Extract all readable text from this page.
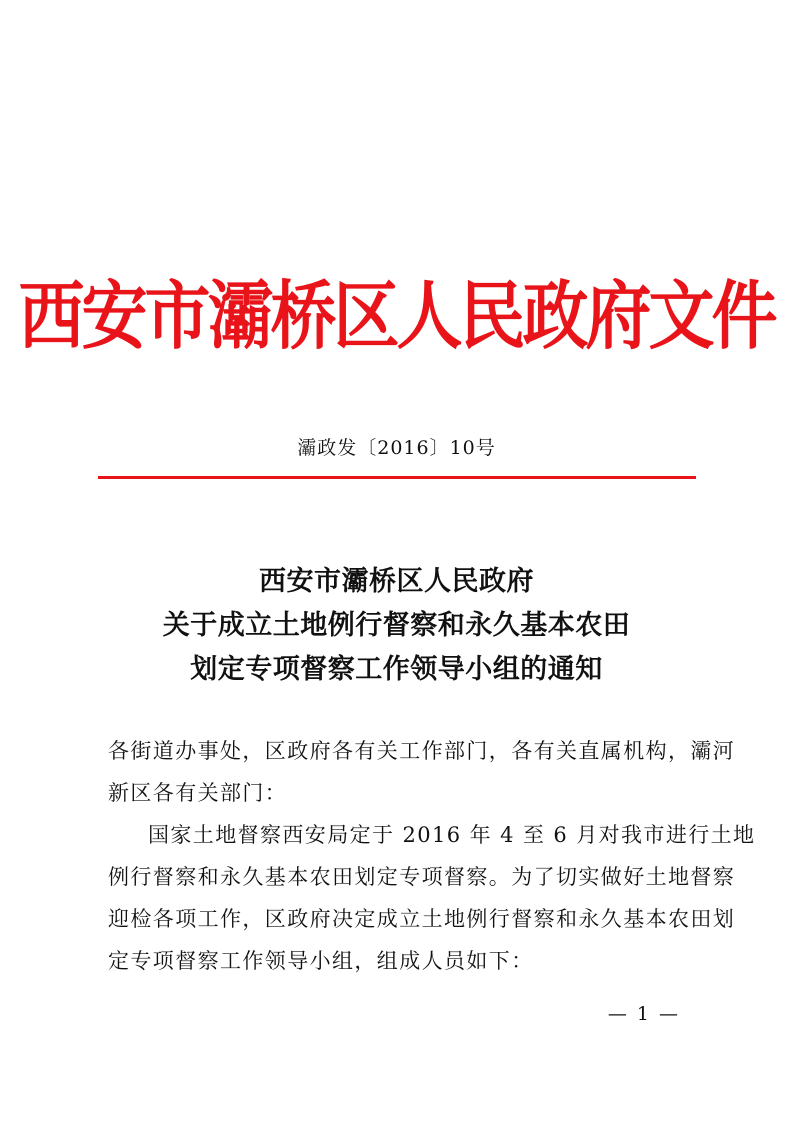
西安市灞桥区人民政府文件
灞政发〔2016〕10号
西安市灞桥区人民政府
关于成立土地例行督察和永久基本农田
划定专项督察工作领导小组的通知
各街道办事处，区政府各有关工作部门，各有关直属机构，灞河
新区各有关部门：
国家土地督察西安局定于 2016 年 4 至 6 月对我市进行土地
例行督察和永久基本农田划定专项督察。为了切实做好土地督察
迎检各项工作，区政府决定成立土地例行督察和永久基本农田划
定专项督察工作领导小组，组成人员如下：
— 1 —
